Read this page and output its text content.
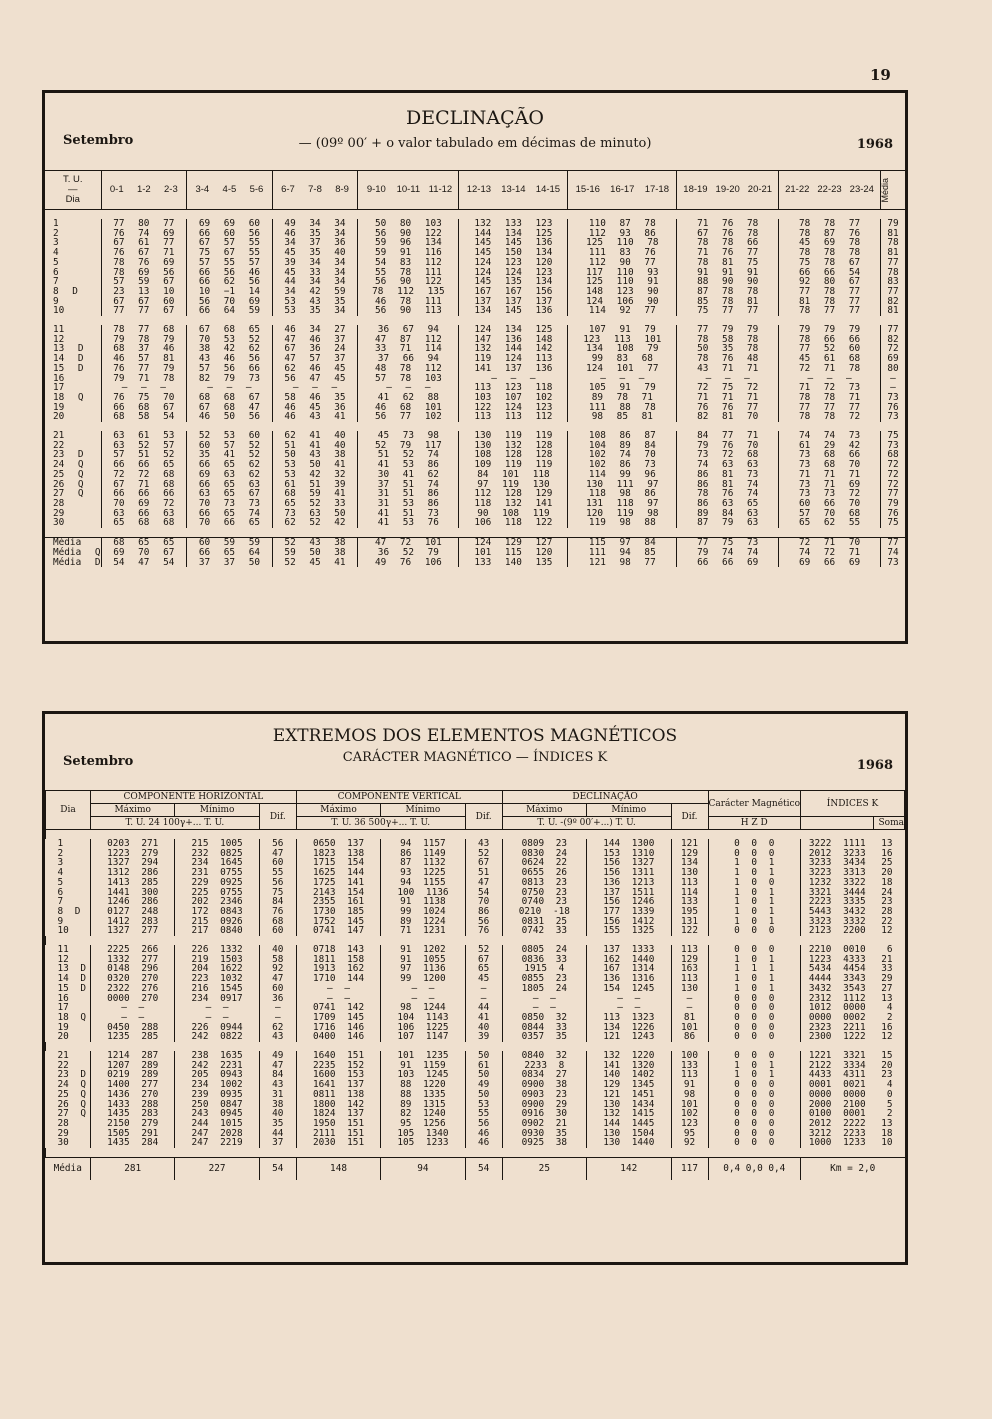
19
DECLINAÇÃO
Setembro	— (09º 00′ + o valor tabulado em décimas de minuto)	1968
T. U.
—
Dia	0-1 1-2 2-3	3-4 4-5 5-6	6-7 7-8 8-9	9-10 10-11 11-12	12-13 13-14 14-15	15-16 16-17 17-18	18-19 19-20 20-21	21-22 22-23 23-24	Média

1	77 80 77	69 69 60	49 34 34	50 80 103	132 133 123	110 87 78	71 76 78	78 78 77	79
2	76 74 69	66 60 56	46 35 34	56 90 122	144 134 125	112 93 86	67 76 78	78 87 76	81
3	67 61 77	67 57 55	34 37 36	59 96 134	145 145 136	125 110 78	78 78 66	45 69 78	78
4	76 67 71	75 67 55	45 35 40	59 91 116	145 150 134	111 83 76	71 76 77	78 78 78	81
5	78 76 69	57 55 57	39 34 34	54 83 112	124 123 120	112 90 77	78 81 75	75 78 67	77
6	78 69 56	66 56 46	45 33 34	55 78 111	124 124 123	117 110 93	91 91 91	66 66 54	78
7	57 59 67	66 62 56	44 34 34	56 90 122	145 135 134	125 110 91	88 90 90	92 80 67	83
8 D	23 13 10	10 −1 14	34 42 59	78 112 135	167 167 156	148 123 90	87 78 78	77 78 77	77
9	67 67 60	56 70 69	53 43 35	46 78 111	137 137 137	124 106 90	85 78 81	81 78 77	82
10	77 77 67	66 64 59	53 35 34	56 90 113	134 145 136	114 92 77	75 77 77	78 77 77	81

11	78 77 68	67 68 65	46 34 27	36 67 94	124 134 125	107 91 79	77 79 79	79 79 79	77
12	79 78 79	70 53 52	47 46 37	47 87 112	147 136 148	123 113 101	78 58 78	78 66 66	82
13 D	68 37 46	38 42 62	67 36 24	33 71 114	132 144 142	134 108 79	50 35 78	77 52 60	72
14 D	46 57 81	43 46 56	47 57 37	37 66 94	119 124 113	99 83 68	78 76 48	45 61 68	69
15 D	76 77 79	57 56 66	62 46 45	48 78 112	141 137 136	124 101 77	43 71 71	72 71 78	80
16	79 71 78	82 79 73	56 47 45	57 78 103	— — —	— — —	— — —	— — —	—
17	— — —	— — —	— — —	— — —	113 123 118	105 91 79	72 75 72	71 72 73	—
18 Q	76 75 70	68 68 67	58 46 35	41 62 88	103 107 102	89 78 71	71 71 71	78 78 71	73
19	66 68 67	67 68 47	46 45 36	46 68 101	122 124 123	111 88 78	76 76 77	77 77 77	76
20	68 58 54	46 50 56	46 43 41	56 77 102	113 113 112	98 85 81	82 81 70	78 78 72	73

21	63 61 53	52 53 60	62 41 40	45 73 98	130 119 119	108 86 87	84 77 71	74 74 73	75
22	63 52 57	60 57 52	51 41 40	52 79 117	130 132 128	104 89 84	79 76 70	61 29 42	73
23 D	57 51 52	35 41 52	50 43 38	51 52 74	108 128 128	102 74 70	73 72 68	73 68 66	68
24 Q	66 66 65	66 65 62	53 50 41	41 53 86	109 119 119	102 86 73	74 63 63	73 68 70	72
25 Q	72 72 68	69 63 62	53 42 32	30 41 62	84 101 118	114 99 96	86 81 73	71 71 71	72
26 Q	67 71 68	66 65 63	61 51 39	37 51 74	97 119 130	130 111 97	86 81 74	73 71 69	72
27 Q	66 66 66	63 65 67	68 59 41	31 51 86	112 128 129	118 98 86	78 76 74	73 73 72	77
28	70 69 72	70 73 73	65 52 33	31 53 86	118 132 141	131 118 97	86 63 65	60 66 70	79
29	63 66 63	66 65 74	73 63 50	41 51 73	90 108 119	120 119 98	89 84 63	57 70 68	76
30	65 68 68	70 66 65	62 52 42	41 53 76	106 118 122	119 98 88	87 79 63	65 62 55	75

Média	68 65 65	60 59 59	52 43 38	47 72 101	124 129 127	115 97 84	77 75 73	72 71 70	77
Média Q	69 70 67	66 65 64	59 50 38	36 52 79	101 115 120	111 94 85	79 74 74	74 72 71	74
Média D	54 47 54	37 37 50	52 45 41	49 76 106	133 140 135	121 98 77	66 66 69	69 66 69	73
EXTREMOS DOS ELEMENTOS MAGNÉTICOS
CARÁCTER MAGNÉTICO — ÍNDICES K
Setembro	1968
Dia	COMPONENTE HORIZONTAL			COMPONENTE VERTICAL			DECLINAÇÃO			Carácter Magnético	ÍNDICES K	
	Máximo	Mínimo	Dif.	Máximo	Mínimo	Dif.	Máximo	Mínimo	Dif.			
	T. U. 24 100γ+... T. U.			T. U. 36 500γ+... T. U.			T. U. -(9º 00′+...) T. U.			H Z D		Soma

1	0203 271	215 1005	56	0650 137	94 1157	43	0809 23	144 1300	121	0 0 0	3222 1111	13
2	1223 279	232 0825	47	1823 138	86 1149	52	0830 24	153 1310	129	0 0 0	2012 3233	16
3	1327 294	234 1645	60	1715 154	87 1132	67	0624 22	156 1327	134	1 0 1	3233 3434	25
4	1312 286	231 0755	55	1625 144	93 1225	51	0655 26	156 1311	130	1 0 1	3223 3313	20
5	1413 285	229 0925	56	1725 141	94 1155	47	0813 23	136 1213	113	1 0 0	1232 3322	18
6	1441 300	225 0755	75	2143 154	100 1136	54	0750 23	137 1511	114	1 0 1	3321 3444	24
7	1246 286	202 2346	84	2355 161	91 1138	70	0740 23	156 1246	133	1 0 1	2223 3335	23
8 D	0127 248	172 0843	76	1730 185	99 1024	86	0210 -18	177 1339	195	1 0 1	5443 3432	28
9	1412 283	215 0926	68	1752 145	89 1224	56	0831 25	156 1412	131	1 0 1	3323 3332	22
10	1327 277	217 0840	60	0741 147	71 1231	76	0742 33	155 1325	122	0 0 0	2123 2200	12

11	2225 266	226 1332	40	0718 143	91 1202	52	0805 24	137 1333	113	0 0 0	2210 0010	6
12	1332 277	219 1503	58	1811 158	91 1055	67	0836 33	162 1440	129	1 0 1	1223 4333	21
13 D	0148 296	204 1622	92	1913 162	97 1136	65	1915 4	167 1314	163	1 1 1	5434 4454	33
14 D	0320 270	223 1032	47	1710 144	99 1200	45	0855 23	136 1316	113	1 0 1	4444 3343	29
15 D	2322 276	216 1545	60	— —	— —	—	1805 24	154 1245	130	1 0 1	3432 3543	27
16	0000 270	234 0917	36	— —	— —	—	— —	— —	—	0 0 0	2312 1112	13
17	— —	— —	—	0741 142	98 1244	44	— —	— —	—	0 0 0	1012 0000	4
18 Q	— —	— —	—	1709 145	104 1143	41	0850 32	113 1323	81	0 0 0	0000 0002	2
19	0450 288	226 0944	62	1716 146	106 1225	40	0844 33	134 1226	101	0 0 0	2323 2211	16
20	1235 285	242 0822	43	0400 146	107 1147	39	0357 35	121 1243	86	0 0 0	2300 1222	12

21	1214 287	238 1635	49	1640 151	101 1235	50	0840 32	132 1220	100	0 0 0	1221 3321	15
22	1207 289	242 2231	47	2235 152	91 1159	61	2233 8	141 1320	133	1 0 1	2122 3334	20
23 D	0219 289	205 0943	84	1600 153	103 1245	50	0834 27	140 1402	113	1 0 1	4433 4311	23
24 Q	1400 277	234 1002	43	1641 137	88 1220	49	0900 38	129 1345	91	0 0 0	0001 0021	4
25 Q	1436 270	239 0935	31	0811 138	88 1335	50	0903 23	121 1451	98	0 0 0	0000 0000	0
26 Q	1433 288	250 0847	38	1800 142	89 1315	53	0900 29	130 1434	101	0 0 0	2000 2100	5
27 Q	1435 283	243 0945	40	1824 137	82 1240	55	0916 30	132 1415	102	0 0 0	0100 0001	2
28	2150 279	244 1015	35	1950 151	95 1256	56	0902 21	144 1445	123	0 0 0	2012 2222	13
29	1505 291	247 2028	44	2111 151	105 1340	46	0930 35	130 1504	95	0 0 0	3212 2233	18
30	1435 284	247 2219	37	2030 151	105 1233	46	0925 38	130 1440	92	0 0 0	1000 1233	10

Média	281	227	54	148	94	54	25	142	117	0,4 0,0 0,4	Km = 2,0	
